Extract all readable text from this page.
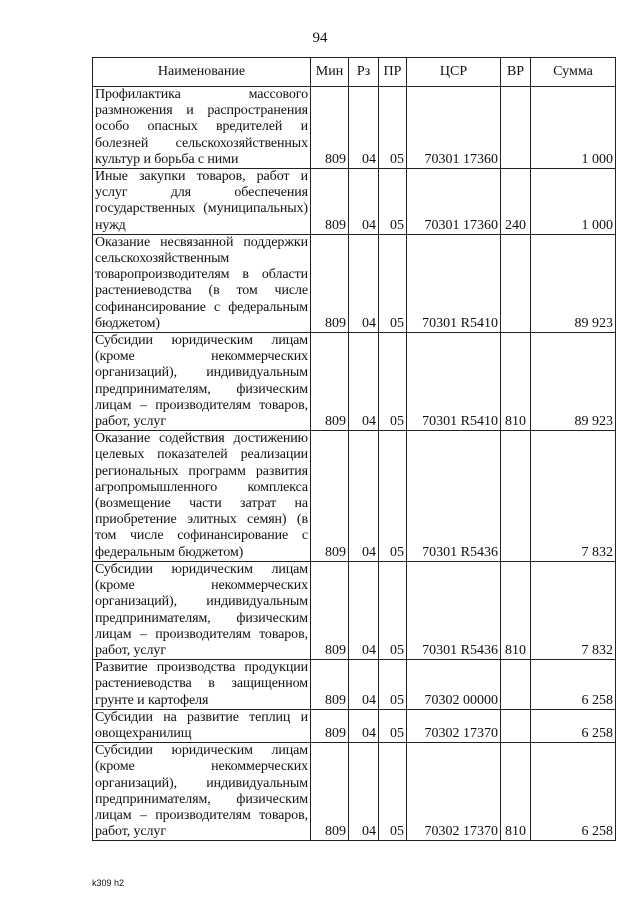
94
Наименование	Мин	Рз	ПР	ЦСР	ВР	Сумма
Профилактика массового размножения и распространения особо опасных вредителей и болезней сельскохозяйственных культур и борьба с ними	809	04	05	70301 17360		1 000
Иные закупки товаров, работ и услуг для обеспечения государственных (муниципальных) нужд	809	04	05	70301 17360	240	1 000
Оказание несвязанной поддержки сельскохозяйственным товаропроизводителям в области растениеводства (в том числе софинансирование с федеральным бюджетом)	809	04	05	70301 R5410		89 923
Субсидии юридическим лицам (кроме некоммерческих организаций), индивидуальным предпринимателям, физическим лицам – производителям товаров, работ, услуг	809	04	05	70301 R5410	810	89 923
Оказание содействия достижению целевых показателей реализации региональных программ развития агропромышленного комплекса (возмещение части затрат на приобретение элитных семян) (в том числе софинансирование с федеральным бюджетом)	809	04	05	70301 R5436		7 832
Субсидии юридическим лицам (кроме некоммерческих организаций), индивидуальным предпринимателям, физическим лицам – производителям товаров, работ, услуг	809	04	05	70301 R5436	810	7 832
Развитие производства продукции растениеводства в защищенном грунте и картофеля	809	04	05	70302 00000		6 258
Субсидии на развитие теплиц и овощехранилищ	809	04	05	70302 17370		6 258
Субсидии юридическим лицам (кроме некоммерческих организаций), индивидуальным предпринимателям, физическим лицам – производителям товаров, работ, услуг	809	04	05	70302 17370	810	6 258
k309 h2
